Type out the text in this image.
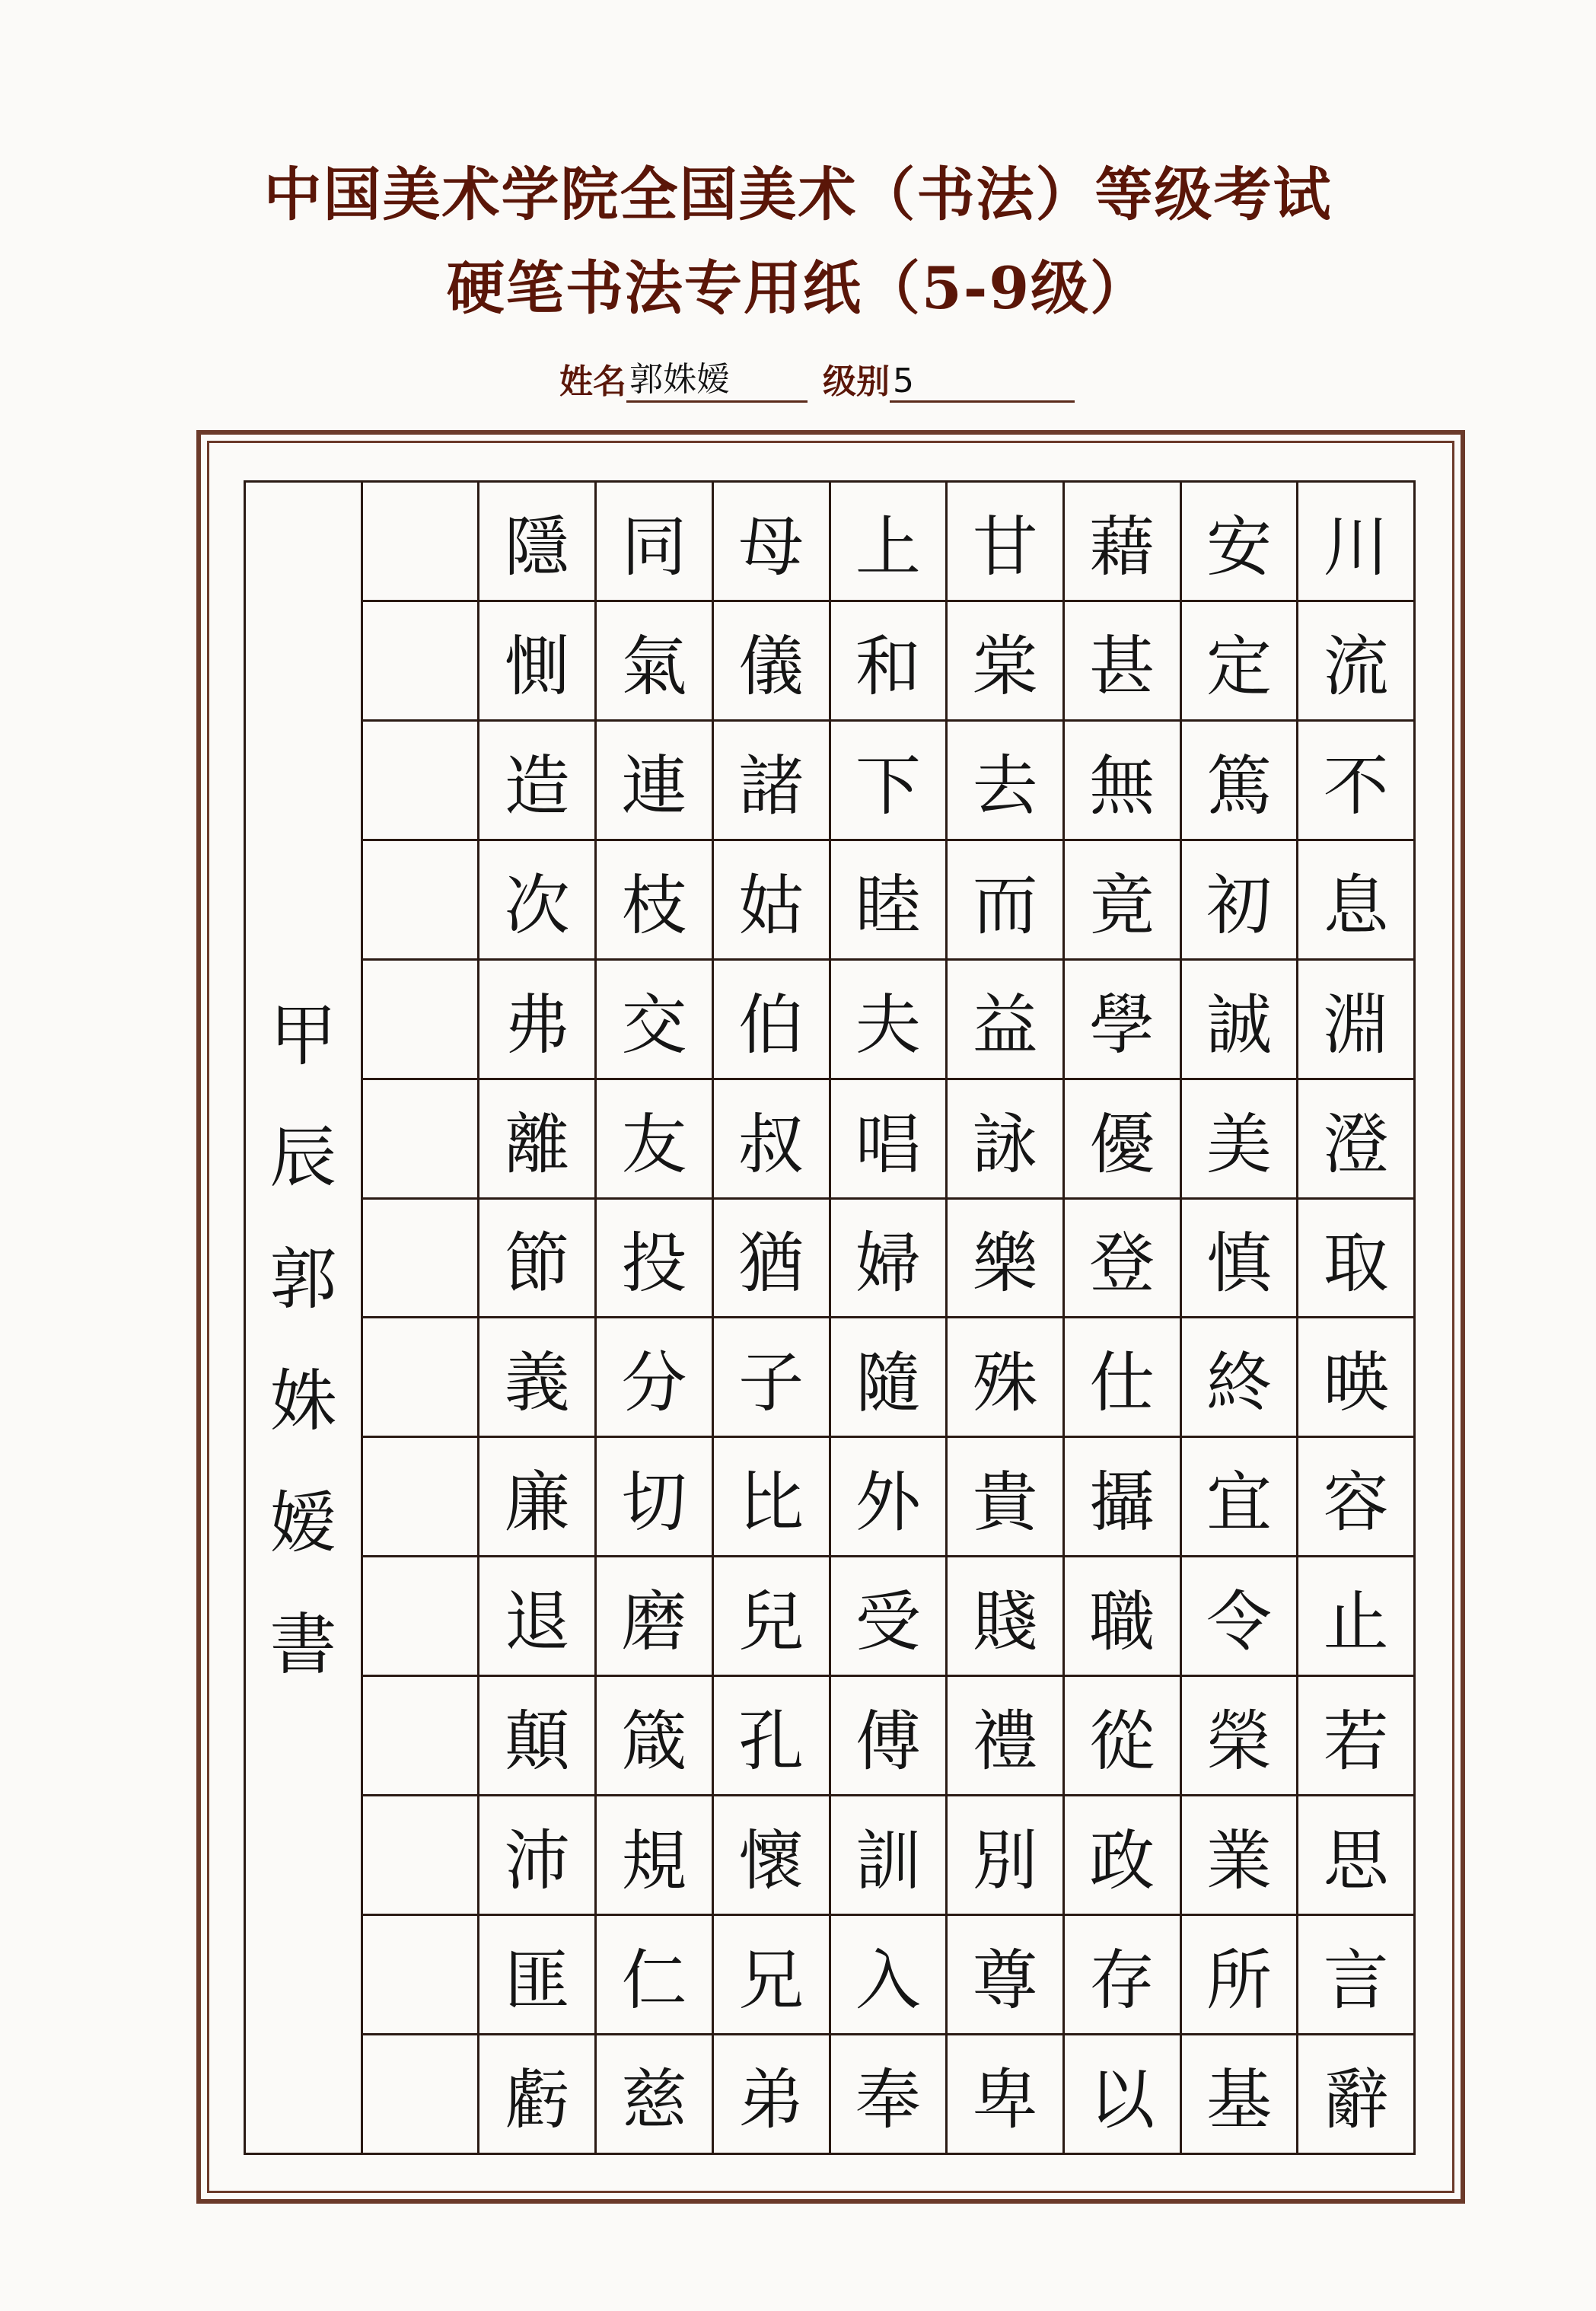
中国美术学院全国美术（书法）等级考试
硬笔书法专用纸（5-9级）
姓名 郭姝嫒	级别 5
甲
辰
郭
姝
嫒
書
隱
惻
造
次
弗
離
節
義
廉
退
顛
沛
匪
虧
同
氣
連
枝
交
友
投
分
切
磨
箴
規
仁
慈
母
儀
諸
姑
伯
叔
猶
子
比
兒
孔
懷
兄
弟
上
和
下
睦
夫
唱
婦
隨
外
受
傅
訓
入
奉
甘
棠
去
而
益
詠
樂
殊
貴
賤
禮
別
尊
卑
藉
甚
無
竟
學
優
登
仕
攝
職
從
政
存
以
安
定
篤
初
誠
美
慎
終
宜
令
榮
業
所
基
川
流
不
息
淵
澄
取
暎
容
止
若
思
言
辭
